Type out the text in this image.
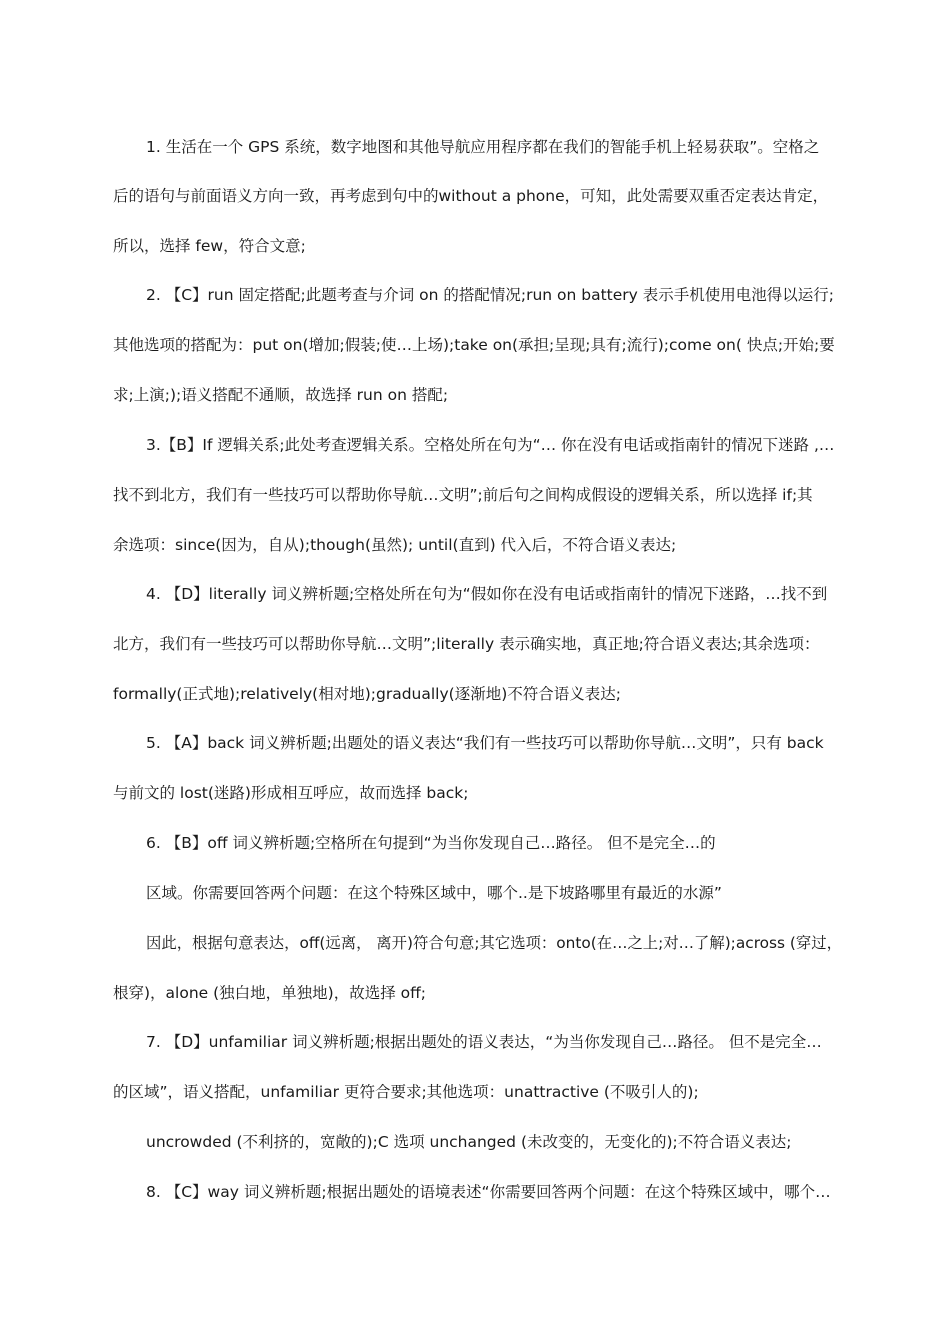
1. 生活在一个 GPS 系统，数字地图和其他导航应用程序都在我们的智能手机上轻易获取”。空格之
后的语句与前面语义方向一致，再考虑到句中的without a phone，可知，此处需要双重否定表达肯定，
所以，选择 few，符合文意;
2. 【C】run 固定搭配;此题考查与介词 on 的搭配情况;run on battery 表示手机使用电池得以运行;
其他选项的搭配为：put on(增加;假装;使…上场);take on(承担;呈现;具有;流行);come on( 快点;开始;要
求;上演;);语义搭配不通顺，故选择 run on 搭配;
3.【B】If 逻辑关系;此处考查逻辑关系。空格处所在句为“… 你在没有电话或指南针的情况下迷路 ,…
找不到北方，我们有一些技巧可以帮助你导航…文明”;前后句之间构成假设的逻辑关系，所以选择 if;其
余选项：since(因为，自从);though(虽然); until(直到) 代入后，不符合语义表达;
4. 【D】literally 词义辨析题;空格处所在句为“假如你在没有电话或指南针的情况下迷路，…找不到
北方，我们有一些技巧可以帮助你导航…文明”;literally 表示确实地，真正地;符合语义表达;其余选项：
formally(正式地);relatively(相对地);gradually(逐渐地)不符合语义表达;
5. 【A】back 词义辨析题;出题处的语义表达“我们有一些技巧可以帮助你导航…文明”，只有 back
与前文的 lost(迷路)形成相互呼应，故而选择 back;
6. 【B】off 词义辨析题;空格所在句提到“为当你发现自己…路径。 但不是完全…的
区域。你需要回答两个问题：在这个特殊区域中，哪个..是下坡路哪里有最近的水源”
因此，根据句意表达，off(远离， 离开)符合句意;其它选项：onto(在…之上;对…了解);across (穿过，
根穿)，alone (独白地，单独地)，故选择 off;
7. 【D】unfamiliar 词义辨析题;根据出题处的语义表达，“为当你发现自己…路径。 但不是完全…
的区域”，语义搭配，unfamiliar 更符合要求;其他选项：unattractive (不吸引人的);
uncrowded (不利挤的，宽敞的);C 选项 unchanged (未改变的，无变化的);不符合语义表达;
8. 【C】way 词义辨析题;根据出题处的语境表述“你需要回答两个问题：在这个特殊区域中，哪个…
